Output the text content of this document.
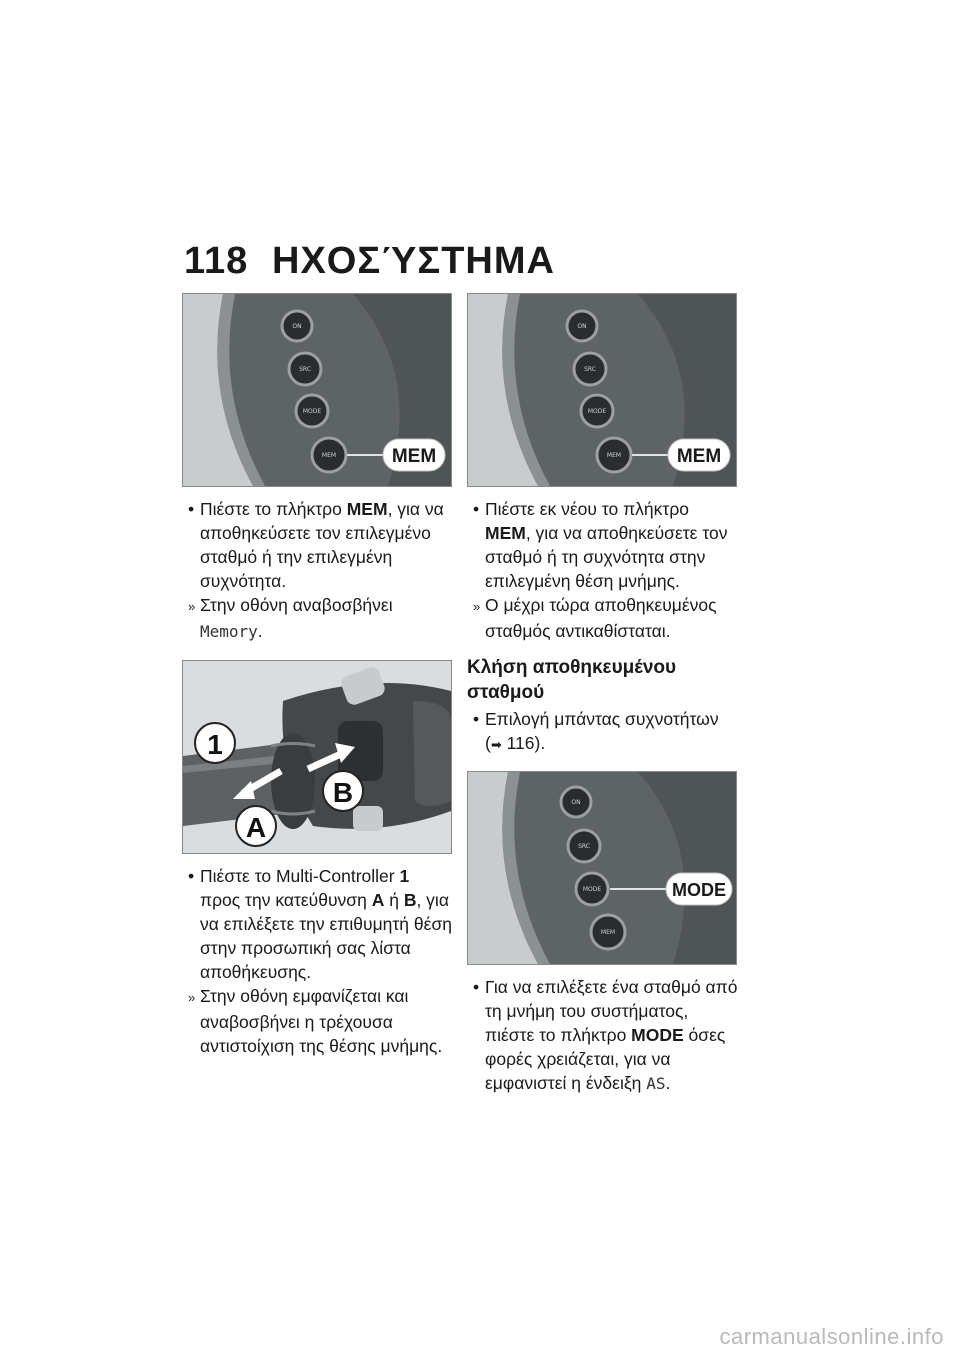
118 ΗΧΟΣΎΣΤΗΜΑ
ON
SRC
MODE
MEM	MEM

• Πιέστε το πλήκτρο MEM, για να αποθηκεύσετε τον επιλεγμένο σταθμό ή την επιλεγμένη συχνότητα.

» Στην οθόνη αναβοσβήνει Memory.

1
B
A

• Πιέστε το Multi-Controller 1 προς την κατεύθυνση A ή B, για να επιλέξετε την επιθυμητή θέση στην προσωπική σας λίστα αποθήκευσης.

» Στην οθόνη εμφανίζεται και αναβοσβήνει η τρέχουσα αντιστοίχιση της θέσης μνήμης.

ON
SRC
MODE
MEM	MEM

• Πιέστε εκ νέου το πλήκτρο MEM, για να αποθηκεύσετε τον σταθμό ή τη συχνότητα στην επιλεγμένη θέση μνήμης.

» Ο μέχρι τώρα αποθηκευμένος σταθμός αντικαθίσταται.

Κλήση αποθηκευμένου σταθμού

• Επιλογή μπάντας συχνοτήτων (➡ 116).

ON
SRC
MODE
MEM
MODE

• Για να επιλέξετε ένα σταθμό από τη μνήμη του συστήματος, πιέστε το πλήκτρο MODE όσες φορές χρειάζεται, για να εμφανιστεί η ένδειξη AS.

carmanualsonline.info
